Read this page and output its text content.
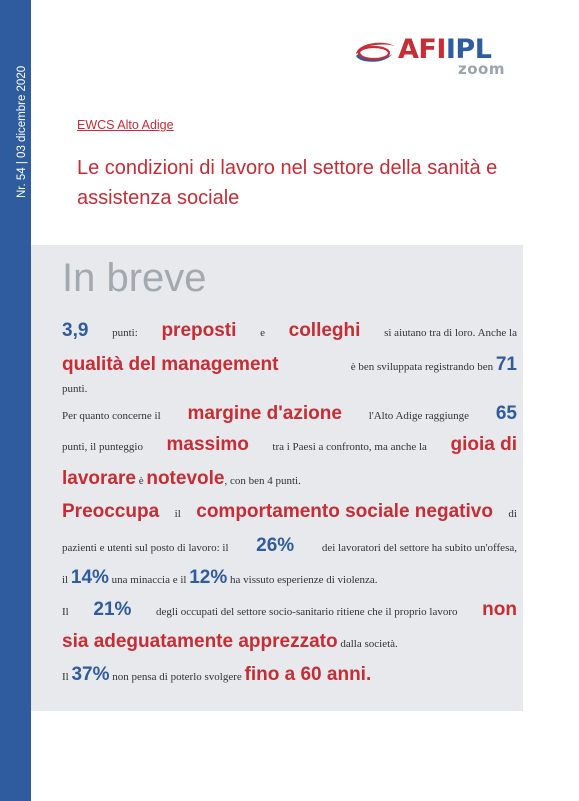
Nr. 54 | 03 dicembre 2020
AFIIPL
zoom
EWCS Alto Adige
Le condizioni di lavoro nel settore della sanità e assistenza sociale
In breve
3,9 punti: preposti e colleghi si aiutano tra di loro. Anche la
qualità del management	è ben sviluppata registrando ben 71
punti.
Per quanto concerne il margine d'azione l'Alto Adige raggiunge 65
punti, il punteggio massimo tra i Paesi a confronto, ma anche la gioia di
lavorare è notevole, con ben 4 punti.
Preoccupa il comportamento sociale negativo di
pazienti e utenti sul posto di lavoro: il 26%	dei lavoratori del settore ha subito un'offesa,
il 14% una minaccia e il 12% ha vissuto esperienze di violenza.
Il 21% degli occupati del settore socio-sanitario ritiene che il proprio lavoro non
sia adeguatamente apprezzato dalla società.
Il 37% non pensa di poterlo svolgere fino a 60 anni.
